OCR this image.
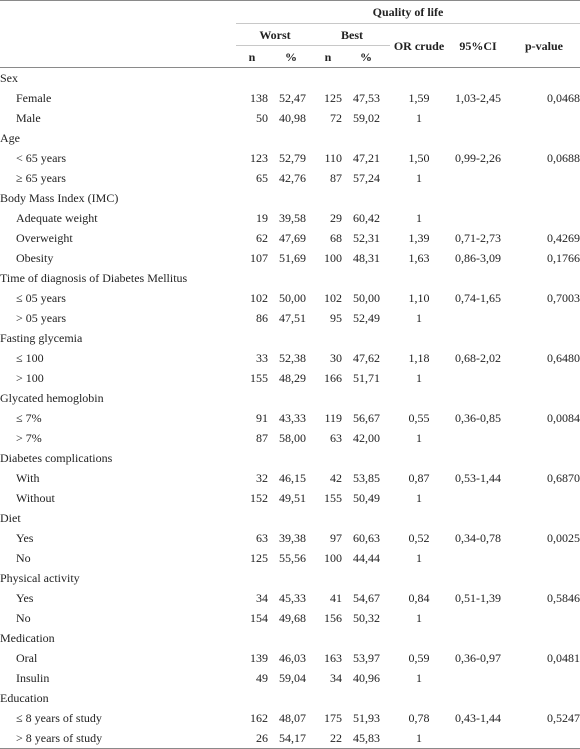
	Quality of life						
	Worst		Best				
	n	%	n	%	OR crude	95%CI	p-value
Sex							
Female	138	52,47	125	47,53	1,59	1,03-2,45	0,0468
Male	50	40,98	72	59,02	1		
Age							
< 65 years	123	52,79	110	47,21	1,50	0,99-2,26	0,0688
≥ 65 years	65	42,76	87	57,24	1		
Body Mass Index (IMC)							
Adequate weight	19	39,58	29	60,42	1		
Overweight	62	47,69	68	52,31	1,39	0,71-2,73	0,4269
Obesity	107	51,69	100	48,31	1,63	0,86-3,09	0,1766
Time of diagnosis of Diabetes Mellitus							
≤ 05 years	102	50,00	102	50,00	1,10	0,74-1,65	0,7003
> 05 years	86	47,51	95	52,49	1		
Fasting glycemia							
≤ 100	33	52,38	30	47,62	1,18	0,68-2,02	0,6480
> 100	155	48,29	166	51,71	1		
Glycated hemoglobin							
≤ 7%	91	43,33	119	56,67	0,55	0,36-0,85	0,0084
> 7%	87	58,00	63	42,00	1		
Diabetes complications							
With	32	46,15	42	53,85	0,87	0,53-1,44	0,6870
Without	152	49,51	155	50,49	1		
Diet							
Yes	63	39,38	97	60,63	0,52	0,34-0,78	0,0025
No	125	55,56	100	44,44	1		
Physical activity							
Yes	34	45,33	41	54,67	0,84	0,51-1,39	0,5846
No	154	49,68	156	50,32	1		
Medication							
Oral	139	46,03	163	53,97	0,59	0,36-0,97	0,0481
Insulin	49	59,04	34	40,96	1		
Education							
≤ 8 years of study	162	48,07	175	51,93	0,78	0,43-1,44	0,5247
> 8 years of study	26	54,17	22	45,83	1		
